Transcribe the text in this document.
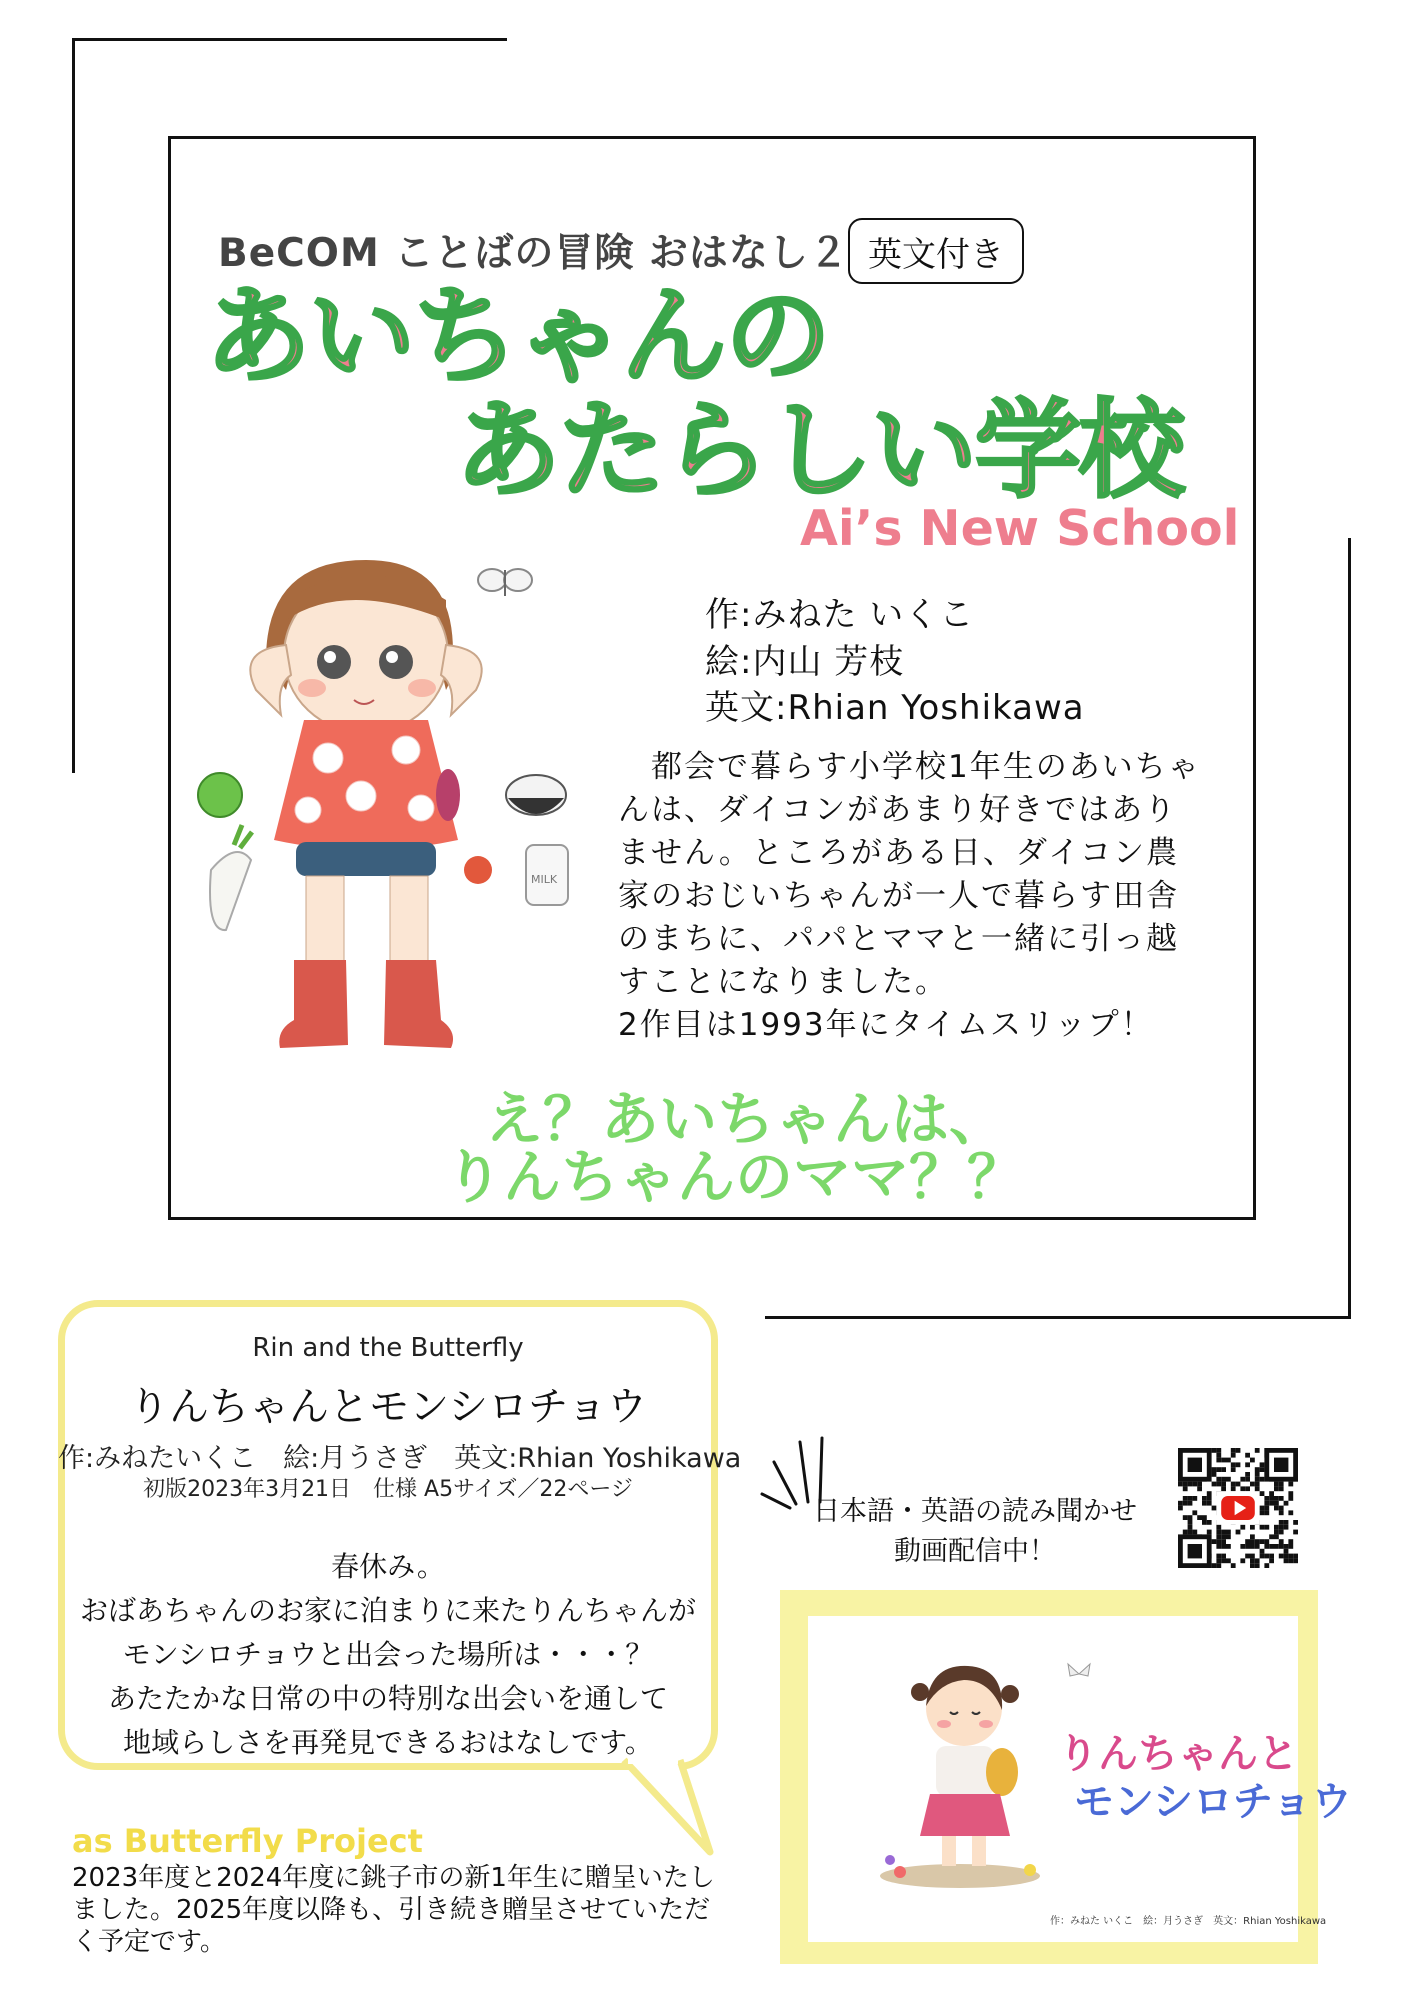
BeCOM ことばの冒険 おはなし２ 英文付き
あいちゃんの
あたらしい学校
Ai’s New School
MILK
作:みねた いくこ
絵:内山 芳枝
英文:Rhian Yoshikawa
　都会で暮らす小学校1年生のあいちゃ
んは、ダイコンがあまり好きではあり
ません。ところがある日、ダイコン農
家のおじいちゃんが一人で暮らす田舎
のまちに、パパとママと一緒に引っ越
すことになりました。
2作目は1993年にタイムスリップ！
え？あいちゃんは、
りんちゃんのママ？？
Rin and the Butterfly
りんちゃんとモンシロチョウ
作:みねたいくこ　絵:月うさぎ　英文:Rhian Yoshikawa
初版2023年3月21日　仕様 A5サイズ／22ページ
春休み。
おばあちゃんのお家に泊まりに来たりんちゃんが
モンシロチョウと出会った場所は・・・？
あたたかな日常の中の特別な出会いを通して
地域らしさを再発見できるおはなしです。
as Butterfly Project
2023年度と2024年度に銚子市の新1年生に贈呈いたしました。2025年度以降も、引き続き贈呈させていただく予定です。
日本語・英語の読み聞かせ
動画配信中！
りんちゃんと
モンシロチョウ
作：みねた いくこ　絵：月うさぎ　英文：Rhian Yoshikawa
